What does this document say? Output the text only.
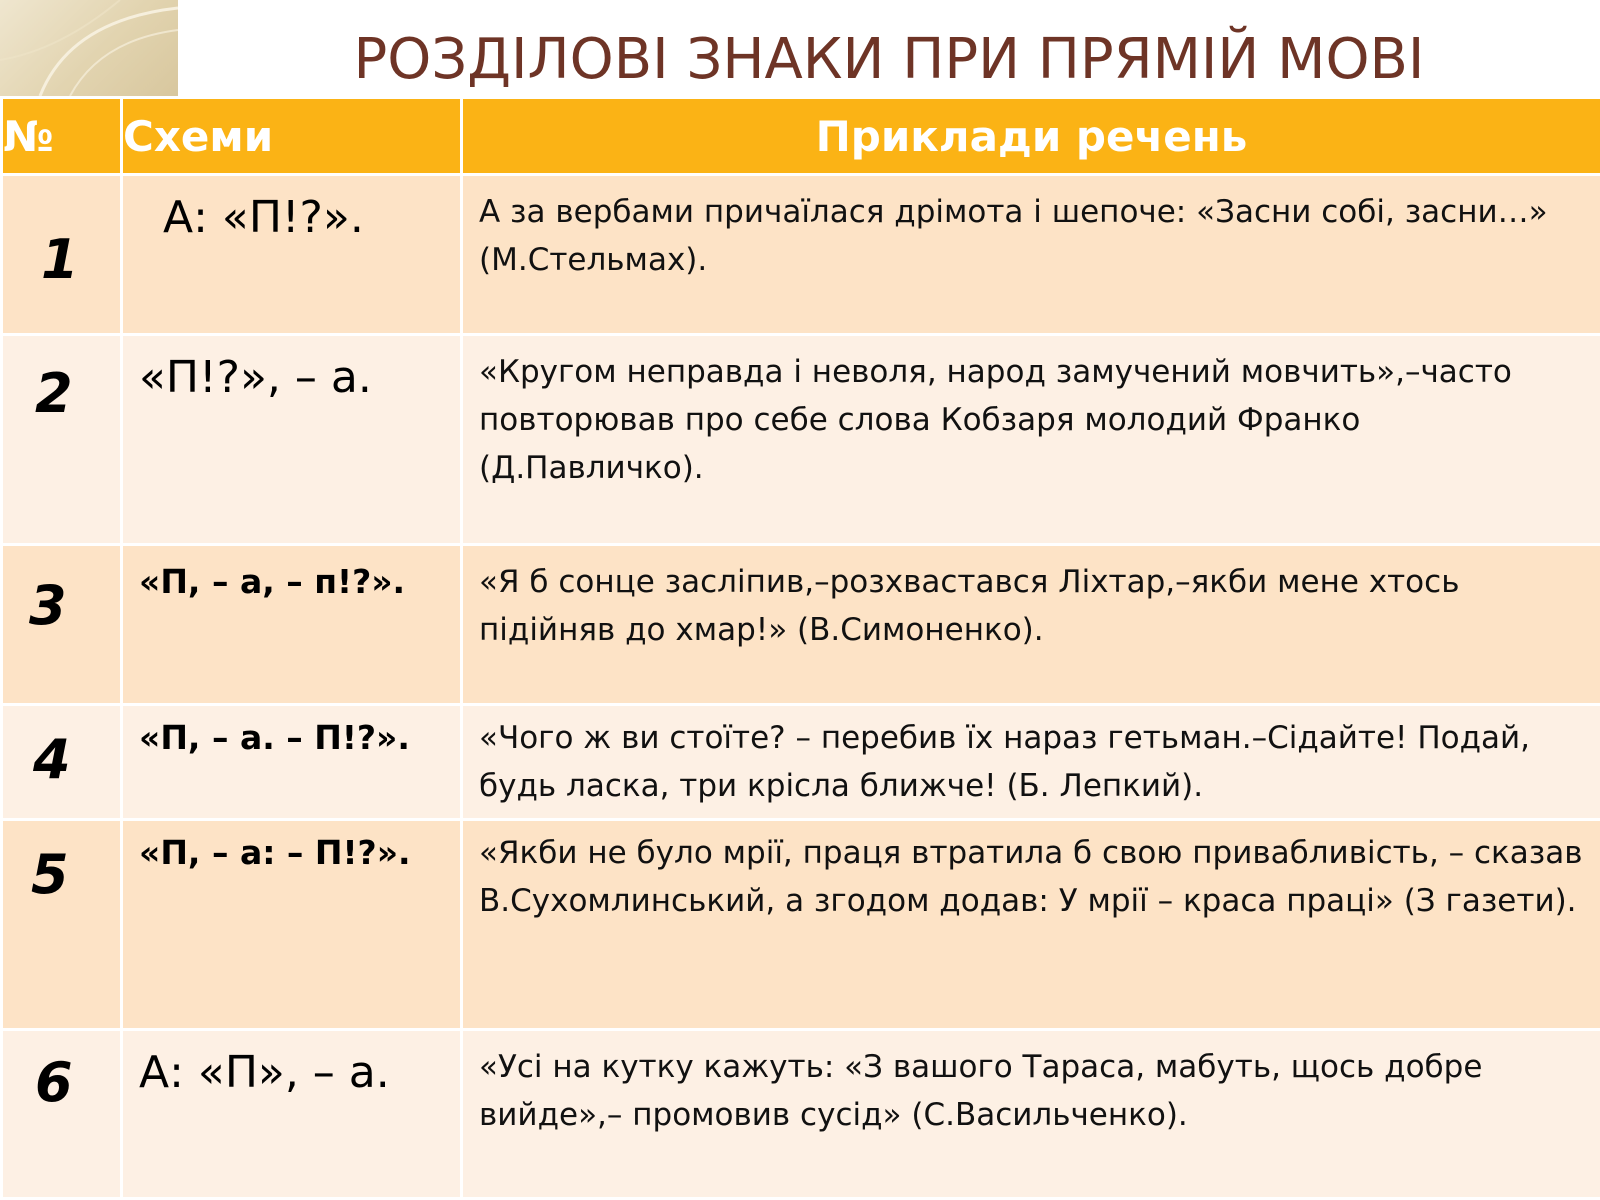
РОЗДІЛОВІ ЗНАКИ ПРИ ПРЯМІЙ МОВІ
№	Схеми	Приклади речень

1	А: «П!?».	А за вербами причаїлася дрімота і шепоче: «Засни собі, засни…» (М.Стельмах).

2	«П!?», – а.	«Кругом неправда і неволя, народ замучений мовчить»,–часто повторював про себе слова Кобзаря молодий Франко (Д.Павличко).

3	«П, – а, – п!?».	«Я б сонце засліпив,–розхвастався Ліхтар,–якби мене хтось підійняв до хмар!» (В.Симоненко).

4	«П, – а. – П!?».	«Чого ж ви стоїте? – перебив їх нараз гетьман.–Сідайте! Подай, будь ласка, три крісла ближче! (Б. Лепкий).

5	«П, – а: – П!?».	«Якби не було мрії, праця втратила б свою привабливість, – сказав В.Сухомлинський, а згодом додав: У мрії – краса праці» (З газети).

6	А: «П», – а.	«Усі на кутку кажуть: «З вашого Тараса, мабуть, щось добре вийде»,– промовив сусід» (С.Васильченко).
